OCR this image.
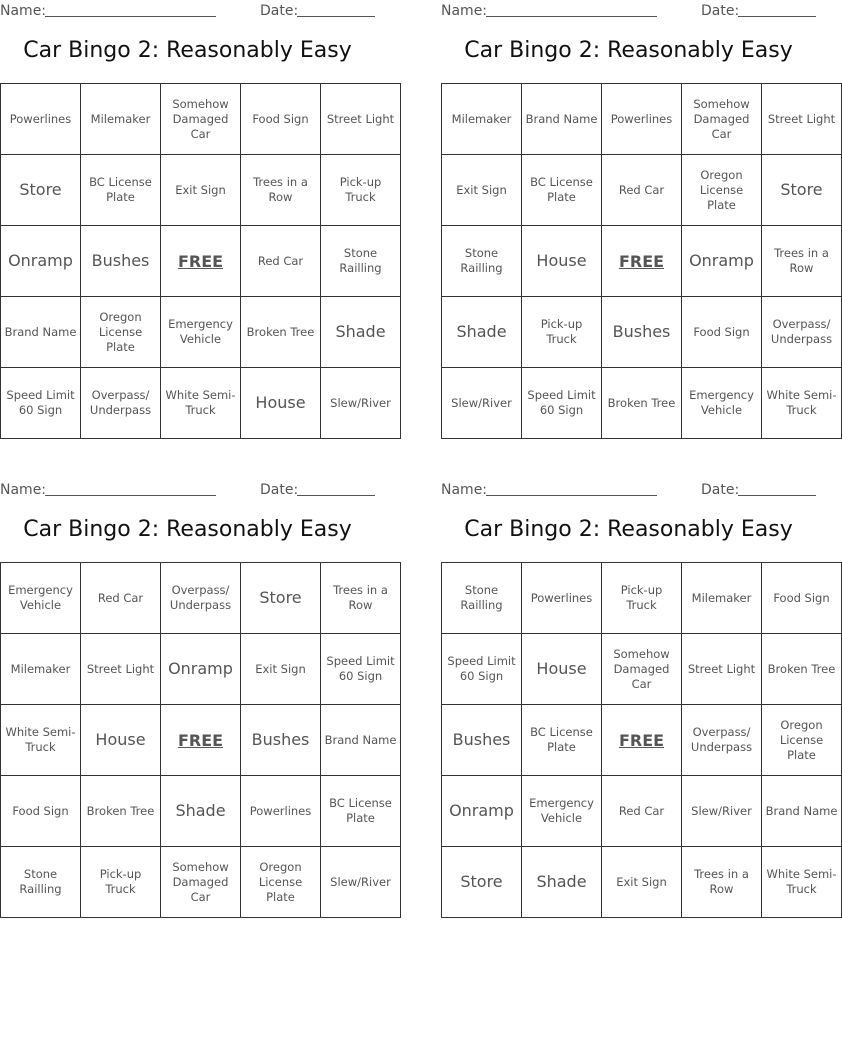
Name:	Date:
Car Bingo 2: Reasonably Easy
Powerlines	Milemaker	Somehow Damaged Car	Food Sign	Street Light
Store	BC License Plate	Exit Sign	Trees in a Row	Pick-up Truck
Onramp	Bushes	FREE	Red Car	Stone Railling
Brand Name	Oregon License Plate	Emergency Vehicle	Broken Tree	Shade
Speed Limit 60 Sign	Overpass/ Underpass	White Semi-Truck	House	Slew/River
Name:	Date:
Car Bingo 2: Reasonably Easy
Milemaker	Brand Name	Powerlines	Somehow Damaged Car	Street Light
Exit Sign	BC License Plate	Red Car	Oregon License Plate	Store
Stone Railling	House	FREE	Onramp	Trees in a Row
Shade	Pick-up Truck	Bushes	Food Sign	Overpass/ Underpass
Slew/River	Speed Limit 60 Sign	Broken Tree	Emergency Vehicle	White Semi-Truck
Name:	Date:
Car Bingo 2: Reasonably Easy
Emergency Vehicle	Red Car	Overpass/ Underpass	Store	Trees in a Row
Milemaker	Street Light	Onramp	Exit Sign	Speed Limit 60 Sign
White Semi-Truck	House	FREE	Bushes	Brand Name
Food Sign	Broken Tree	Shade	Powerlines	BC License Plate
Stone Railling	Pick-up Truck	Somehow Damaged Car	Oregon License Plate	Slew/River
Name:	Date:
Car Bingo 2: Reasonably Easy
Stone Railling	Powerlines	Pick-up Truck	Milemaker	Food Sign
Speed Limit 60 Sign	House	Somehow Damaged Car	Street Light	Broken Tree
Bushes	BC License Plate	FREE	Overpass/ Underpass	Oregon License Plate
Onramp	Emergency Vehicle	Red Car	Slew/River	Brand Name
Store	Shade	Exit Sign	Trees in a Row	White Semi-Truck
